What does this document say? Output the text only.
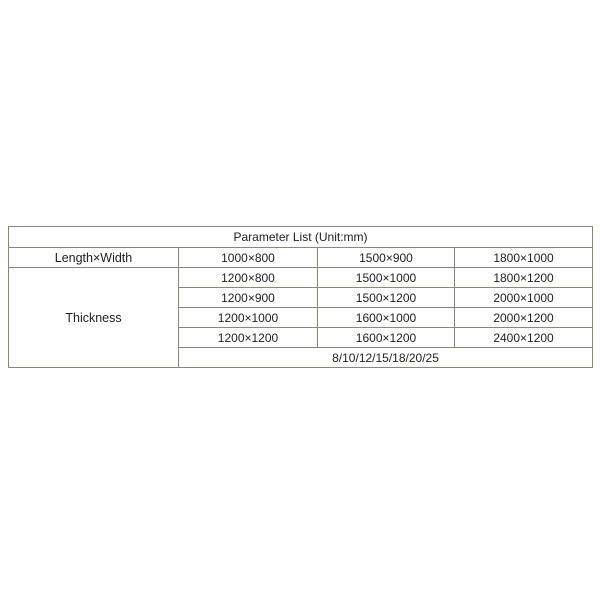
Parameter List (Unit:mm)			
Length×Width	1000×800	1500×900	1800×1000
Thickness	1200×800	1500×1000	1800×1200
	1200×900	1500×1200	2000×1000
	1200×1000	1600×1000	2000×1200
	1200×1200	1600×1200	2400×1200
	8/10/12/15/18/20/25		
